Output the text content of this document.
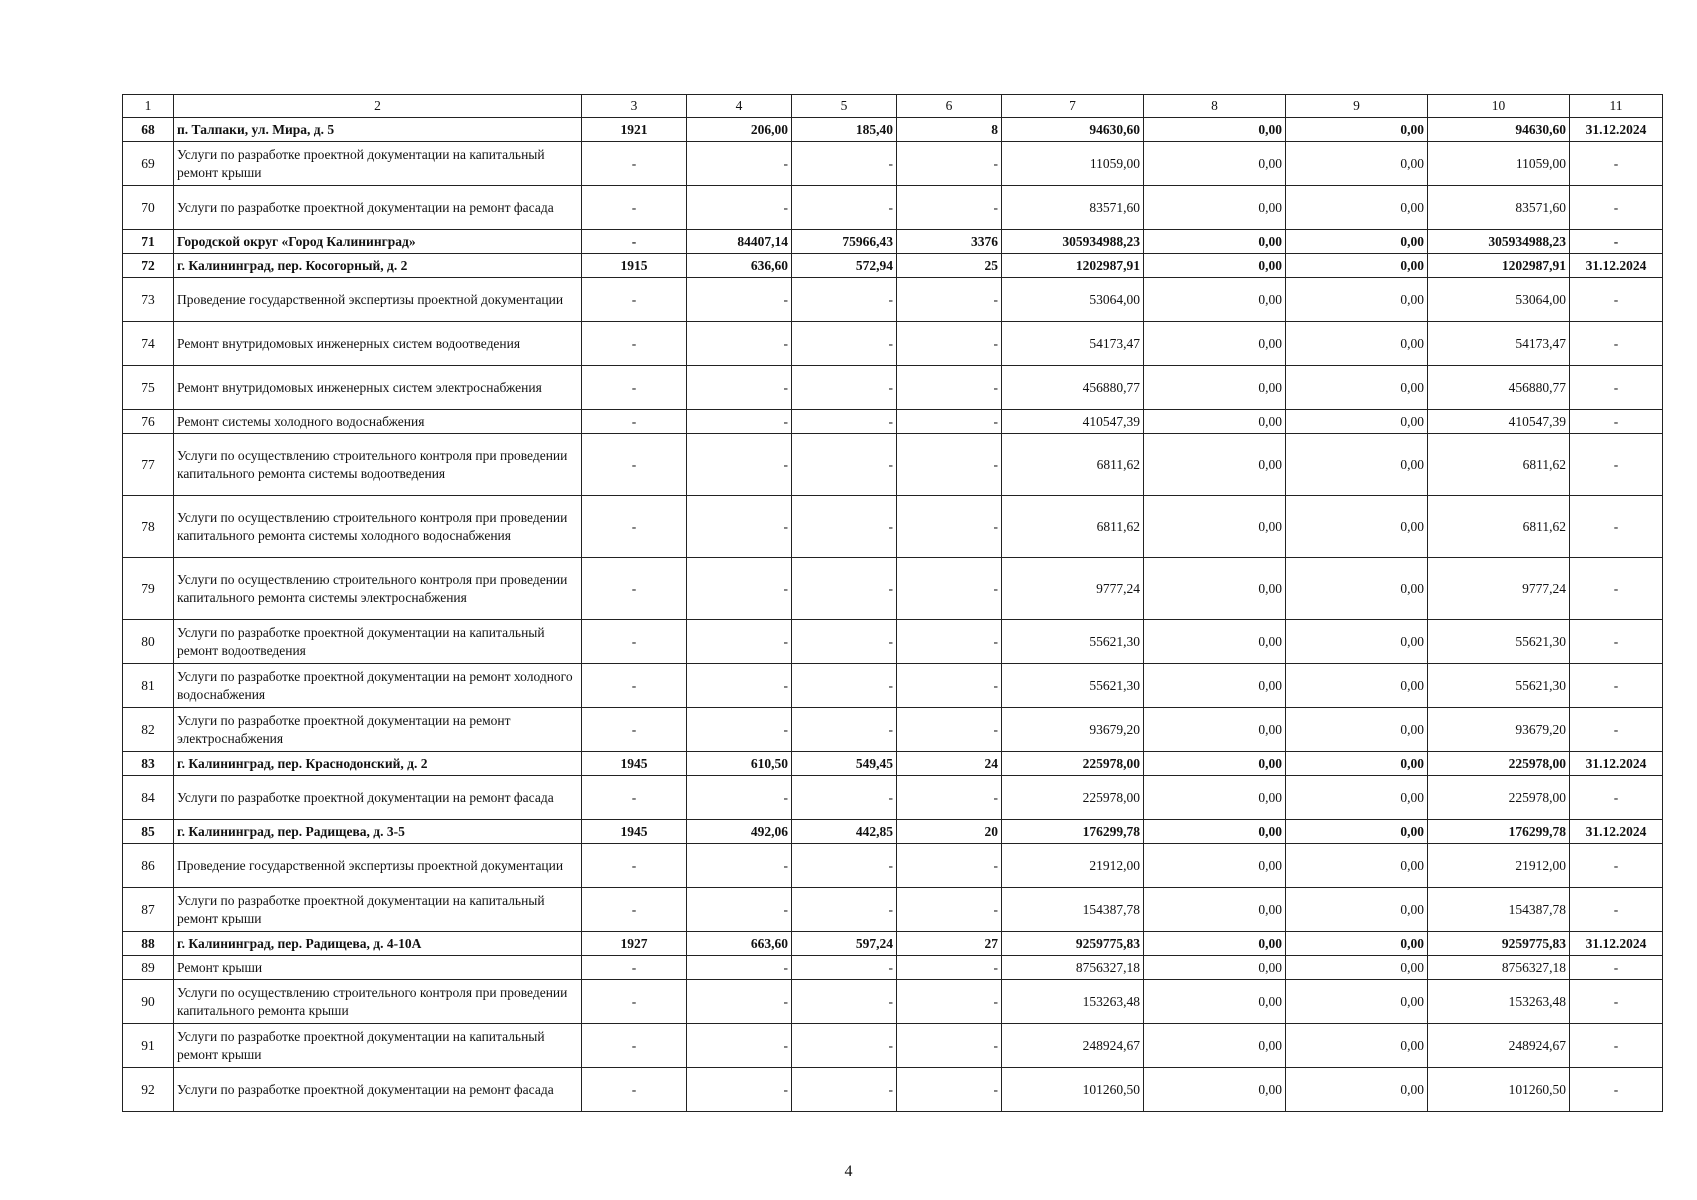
1	2	3	4	5	6	7	8	9	10	11
68	п. Талпаки, ул. Мира, д. 5	1921	206,00	185,40	8	94630,60	0,00	0,00	94630,60	31.12.2024
69	Услуги по разработке проектной документации на капитальный ремонт крыши	-	-	-	-	11059,00	0,00	0,00	11059,00	-
70	Услуги по разработке проектной документации на ремонт фасада	-	-	-	-	83571,60	0,00	0,00	83571,60	-
71	Городской округ «Город Калининград»	-	84407,14	75966,43	3376	305934988,23	0,00	0,00	305934988,23	-
72	г. Калининград, пер. Косогорный, д. 2	1915	636,60	572,94	25	1202987,91	0,00	0,00	1202987,91	31.12.2024
73	Проведение государственной экспертизы проектной документации	-	-	-	-	53064,00	0,00	0,00	53064,00	-
74	Ремонт внутридомовых инженерных систем водоотведения	-	-	-	-	54173,47	0,00	0,00	54173,47	-
75	Ремонт внутридомовых инженерных систем электроснабжения	-	-	-	-	456880,77	0,00	0,00	456880,77	-
76	Ремонт системы холодного водоснабжения	-	-	-	-	410547,39	0,00	0,00	410547,39	-
77	Услуги по осуществлению строительного контроля при проведении капитального ремонта системы водоотведения	-	-	-	-	6811,62	0,00	0,00	6811,62	-
78	Услуги по осуществлению строительного контроля при проведении капитального ремонта системы холодного водоснабжения	-	-	-	-	6811,62	0,00	0,00	6811,62	-
79	Услуги по осуществлению строительного контроля при проведении капитального ремонта системы электроснабжения	-	-	-	-	9777,24	0,00	0,00	9777,24	-
80	Услуги по разработке проектной документации на капитальный ремонт водоотведения	-	-	-	-	55621,30	0,00	0,00	55621,30	-
81	Услуги по разработке проектной документации на ремонт холодного водоснабжения	-	-	-	-	55621,30	0,00	0,00	55621,30	-
82	Услуги по разработке проектной документации на ремонт электроснабжения	-	-	-	-	93679,20	0,00	0,00	93679,20	-
83	г. Калининград, пер. Краснодонский, д. 2	1945	610,50	549,45	24	225978,00	0,00	0,00	225978,00	31.12.2024
84	Услуги по разработке проектной документации на ремонт фасада	-	-	-	-	225978,00	0,00	0,00	225978,00	-
85	г. Калининград, пер. Радищева, д. 3-5	1945	492,06	442,85	20	176299,78	0,00	0,00	176299,78	31.12.2024
86	Проведение государственной экспертизы проектной документации	-	-	-	-	21912,00	0,00	0,00	21912,00	-
87	Услуги по разработке проектной документации на капитальный ремонт крыши	-	-	-	-	154387,78	0,00	0,00	154387,78	-
88	г. Калининград, пер. Радищева, д. 4-10А	1927	663,60	597,24	27	9259775,83	0,00	0,00	9259775,83	31.12.2024
89	Ремонт крыши	-	-	-	-	8756327,18	0,00	0,00	8756327,18	-
90	Услуги по осуществлению строительного контроля при проведении капитального ремонта крыши	-	-	-	-	153263,48	0,00	0,00	153263,48	-
91	Услуги по разработке проектной документации на капитальный ремонт крыши	-	-	-	-	248924,67	0,00	0,00	248924,67	-
92	Услуги по разработке проектной документации на ремонт фасада	-	-	-	-	101260,50	0,00	0,00	101260,50	-
4
